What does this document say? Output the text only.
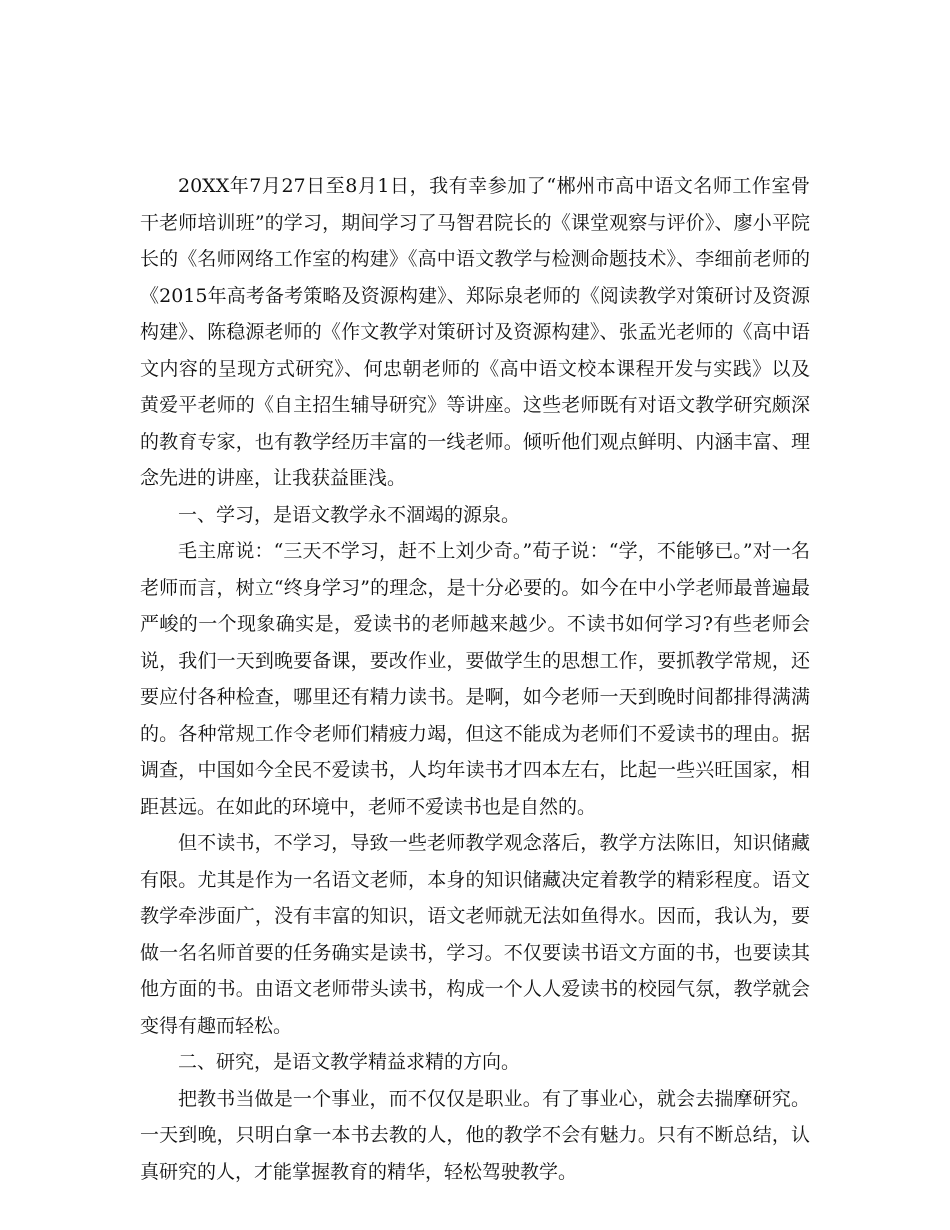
20XX年7月27日至8月1日，我有幸参加了“郴州市高中语文名师工作室骨干老师培训班”的学习，期间学习了马智君院长的《课堂观察与评价》、廖小平院长的《名师网络工作室的构建》《高中语文教学与检测命题技术》、李细前老师的《2015年高考备考策略及资源构建》、郑际泉老师的《阅读教学对策研讨及资源构建》、陈稳源老师的《作文教学对策研讨及资源构建》、张孟光老师的《高中语文内容的呈现方式研究》、何忠朝老师的《高中语文校本课程开发与实践》以及黄爱平老师的《自主招生辅导研究》等讲座。这些老师既有对语文教学研究颇深的教育专家，也有教学经历丰富的一线老师。倾听他们观点鲜明、内涵丰富、理念先进的讲座，让我获益匪浅。

一、学习，是语文教学永不涸竭的源泉。

毛主席说：“三天不学习，赶不上刘少奇。”荀子说：“学，不能够已。”对一名老师而言，树立“终身学习”的理念，是十分必要的。如今在中小学老师最普遍最严峻的一个现象确实是，爱读书的老师越来越少。不读书如何学习?有些老师会说，我们一天到晚要备课，要改作业，要做学生的思想工作，要抓教学常规，还要应付各种检查，哪里还有精力读书。是啊，如今老师一天到晚时间都排得满满的。各种常规工作令老师们精疲力竭，但这不能成为老师们不爱读书的理由。据调查，中国如今全民不爱读书，人均年读书才四本左右，比起一些兴旺国家，相距甚远。在如此的环境中，老师不爱读书也是自然的。

但不读书，不学习，导致一些老师教学观念落后，教学方法陈旧，知识储藏有限。尤其是作为一名语文老师，本身的知识储藏决定着教学的精彩程度。语文教学牵涉面广，没有丰富的知识，语文老师就无法如鱼得水。因而，我认为，要做一名名师首要的任务确实是读书，学习。不仅要读书语文方面的书，也要读其他方面的书。由语文老师带头读书，构成一个人人爱读书的校园气氛，教学就会变得有趣而轻松。

二、研究，是语文教学精益求精的方向。

把教书当做是一个事业，而不仅仅是职业。有了事业心，就会去揣摩研究。一天到晚，只明白拿一本书去教的人，他的教学不会有魅力。只有不断总结，认真研究的人，才能掌握教育的精华，轻松驾驶教学。
